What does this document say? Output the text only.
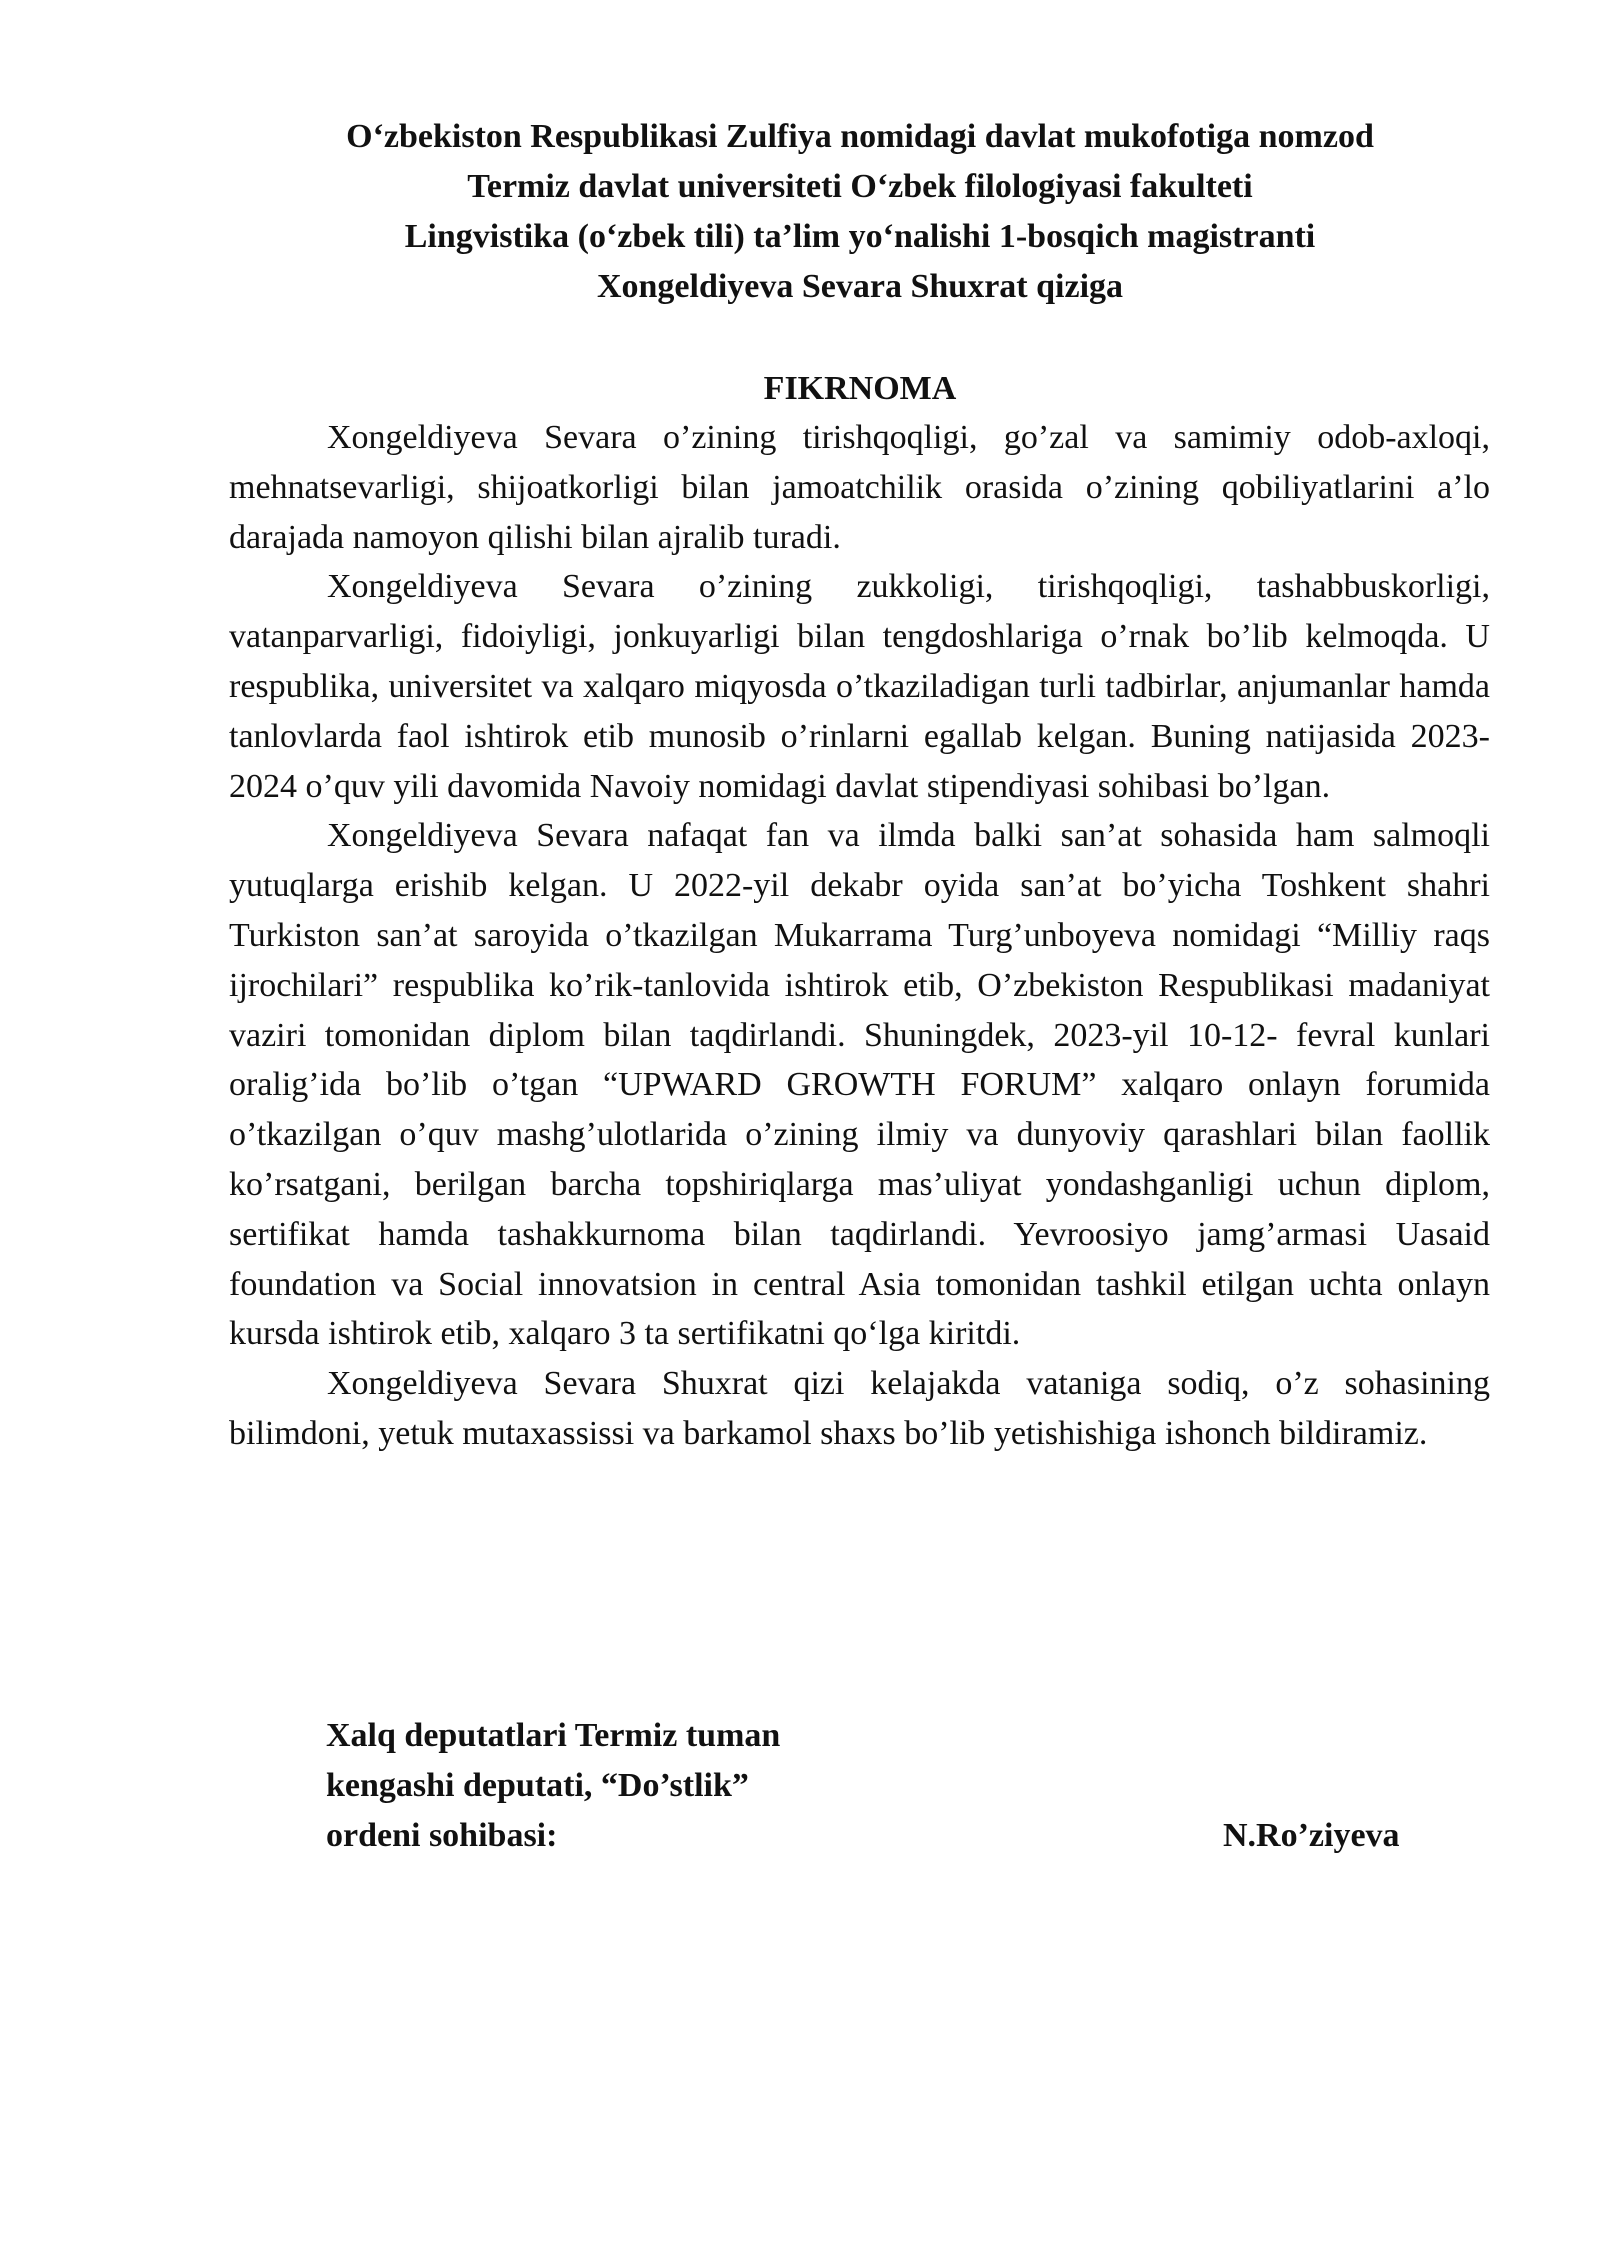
O‘zbekiston Respublikasi Zulfiya nomidagi davlat mukofotiga nomzod
Termiz davlat universiteti O‘zbek filologiyasi fakulteti
Lingvistika (o‘zbek tili) ta’lim yo‘nalishi 1-bosqich magistranti
Xongeldiyeva Sevara Shuxrat qiziga
FIKRNOMA

Xongeldiyeva Sevara o’zining tirishqoqligi, go’zal va samimiy odob-axloqi, mehnatsevarligi, shijoatkorligi bilan jamoatchilik orasida o’zining qobiliyatlarini a’lo darajada namoyon qilishi bilan ajralib turadi.

Xongeldiyeva Sevara o’zining zukkoligi, tirishqoqligi, tashabbuskorligi, vatanparvarligi, fidoiyligi, jonkuyarligi bilan tengdoshlariga o’rnak bo’lib kelmoqda. U respublika, universitet va xalqaro miqyosda o’tkaziladigan turli tadbirlar, anjumanlar hamda tanlovlarda faol ishtirok etib munosib o’rinlarni egallab kelgan. Buning natijasida 2023-2024 o’quv yili davomida Navoiy nomidagi davlat stipendiyasi sohibasi bo’lgan.

Xongeldiyeva Sevara nafaqat fan va ilmda balki san’at sohasida ham salmoqli yutuqlarga erishib kelgan. U 2022-yil dekabr oyida san’at bo’yicha Toshkent shahri Turkiston san’at saroyida o’tkazilgan Mukarrama Turg’unboyeva nomidagi “Milliy raqs ijrochilari” respublika ko’rik-tanlovida ishtirok etib, O’zbekiston Respublikasi madaniyat vaziri tomonidan diplom bilan taqdirlandi. Shuningdek, 2023-yil 10-12- fevral kunlari oralig’ida bo’lib o’tgan “UPWARD GROWTH FORUM” xalqaro onlayn forumida o’tkazilgan o’quv mashg’ulotlarida o’zining ilmiy va dunyoviy qarashlari bilan faollik ko’rsatgani, berilgan barcha topshiriqlarga mas’uliyat yondashganligi uchun diplom, sertifikat hamda tashakkurnoma bilan taqdirlandi. Yevroosiyo jamg’armasi Uasaid foundation va Social innovatsion in central Asia tomonidan tashkil etilgan uchta onlayn kursda ishtirok etib, xalqaro 3 ta sertifikatni qo‘lga kiritdi.

Xongeldiyeva Sevara Shuxrat qizi kelajakda vataniga sodiq, o’z sohasining bilimdoni, yetuk mutaxassissi va barkamol shaxs bo’lib yetishishiga ishonch bildiramiz.

Xalq deputatlari Termiz tuman
kengashi deputati, “Do’stlik”
ordeni sohibasi:	N.Ro’ziyeva
